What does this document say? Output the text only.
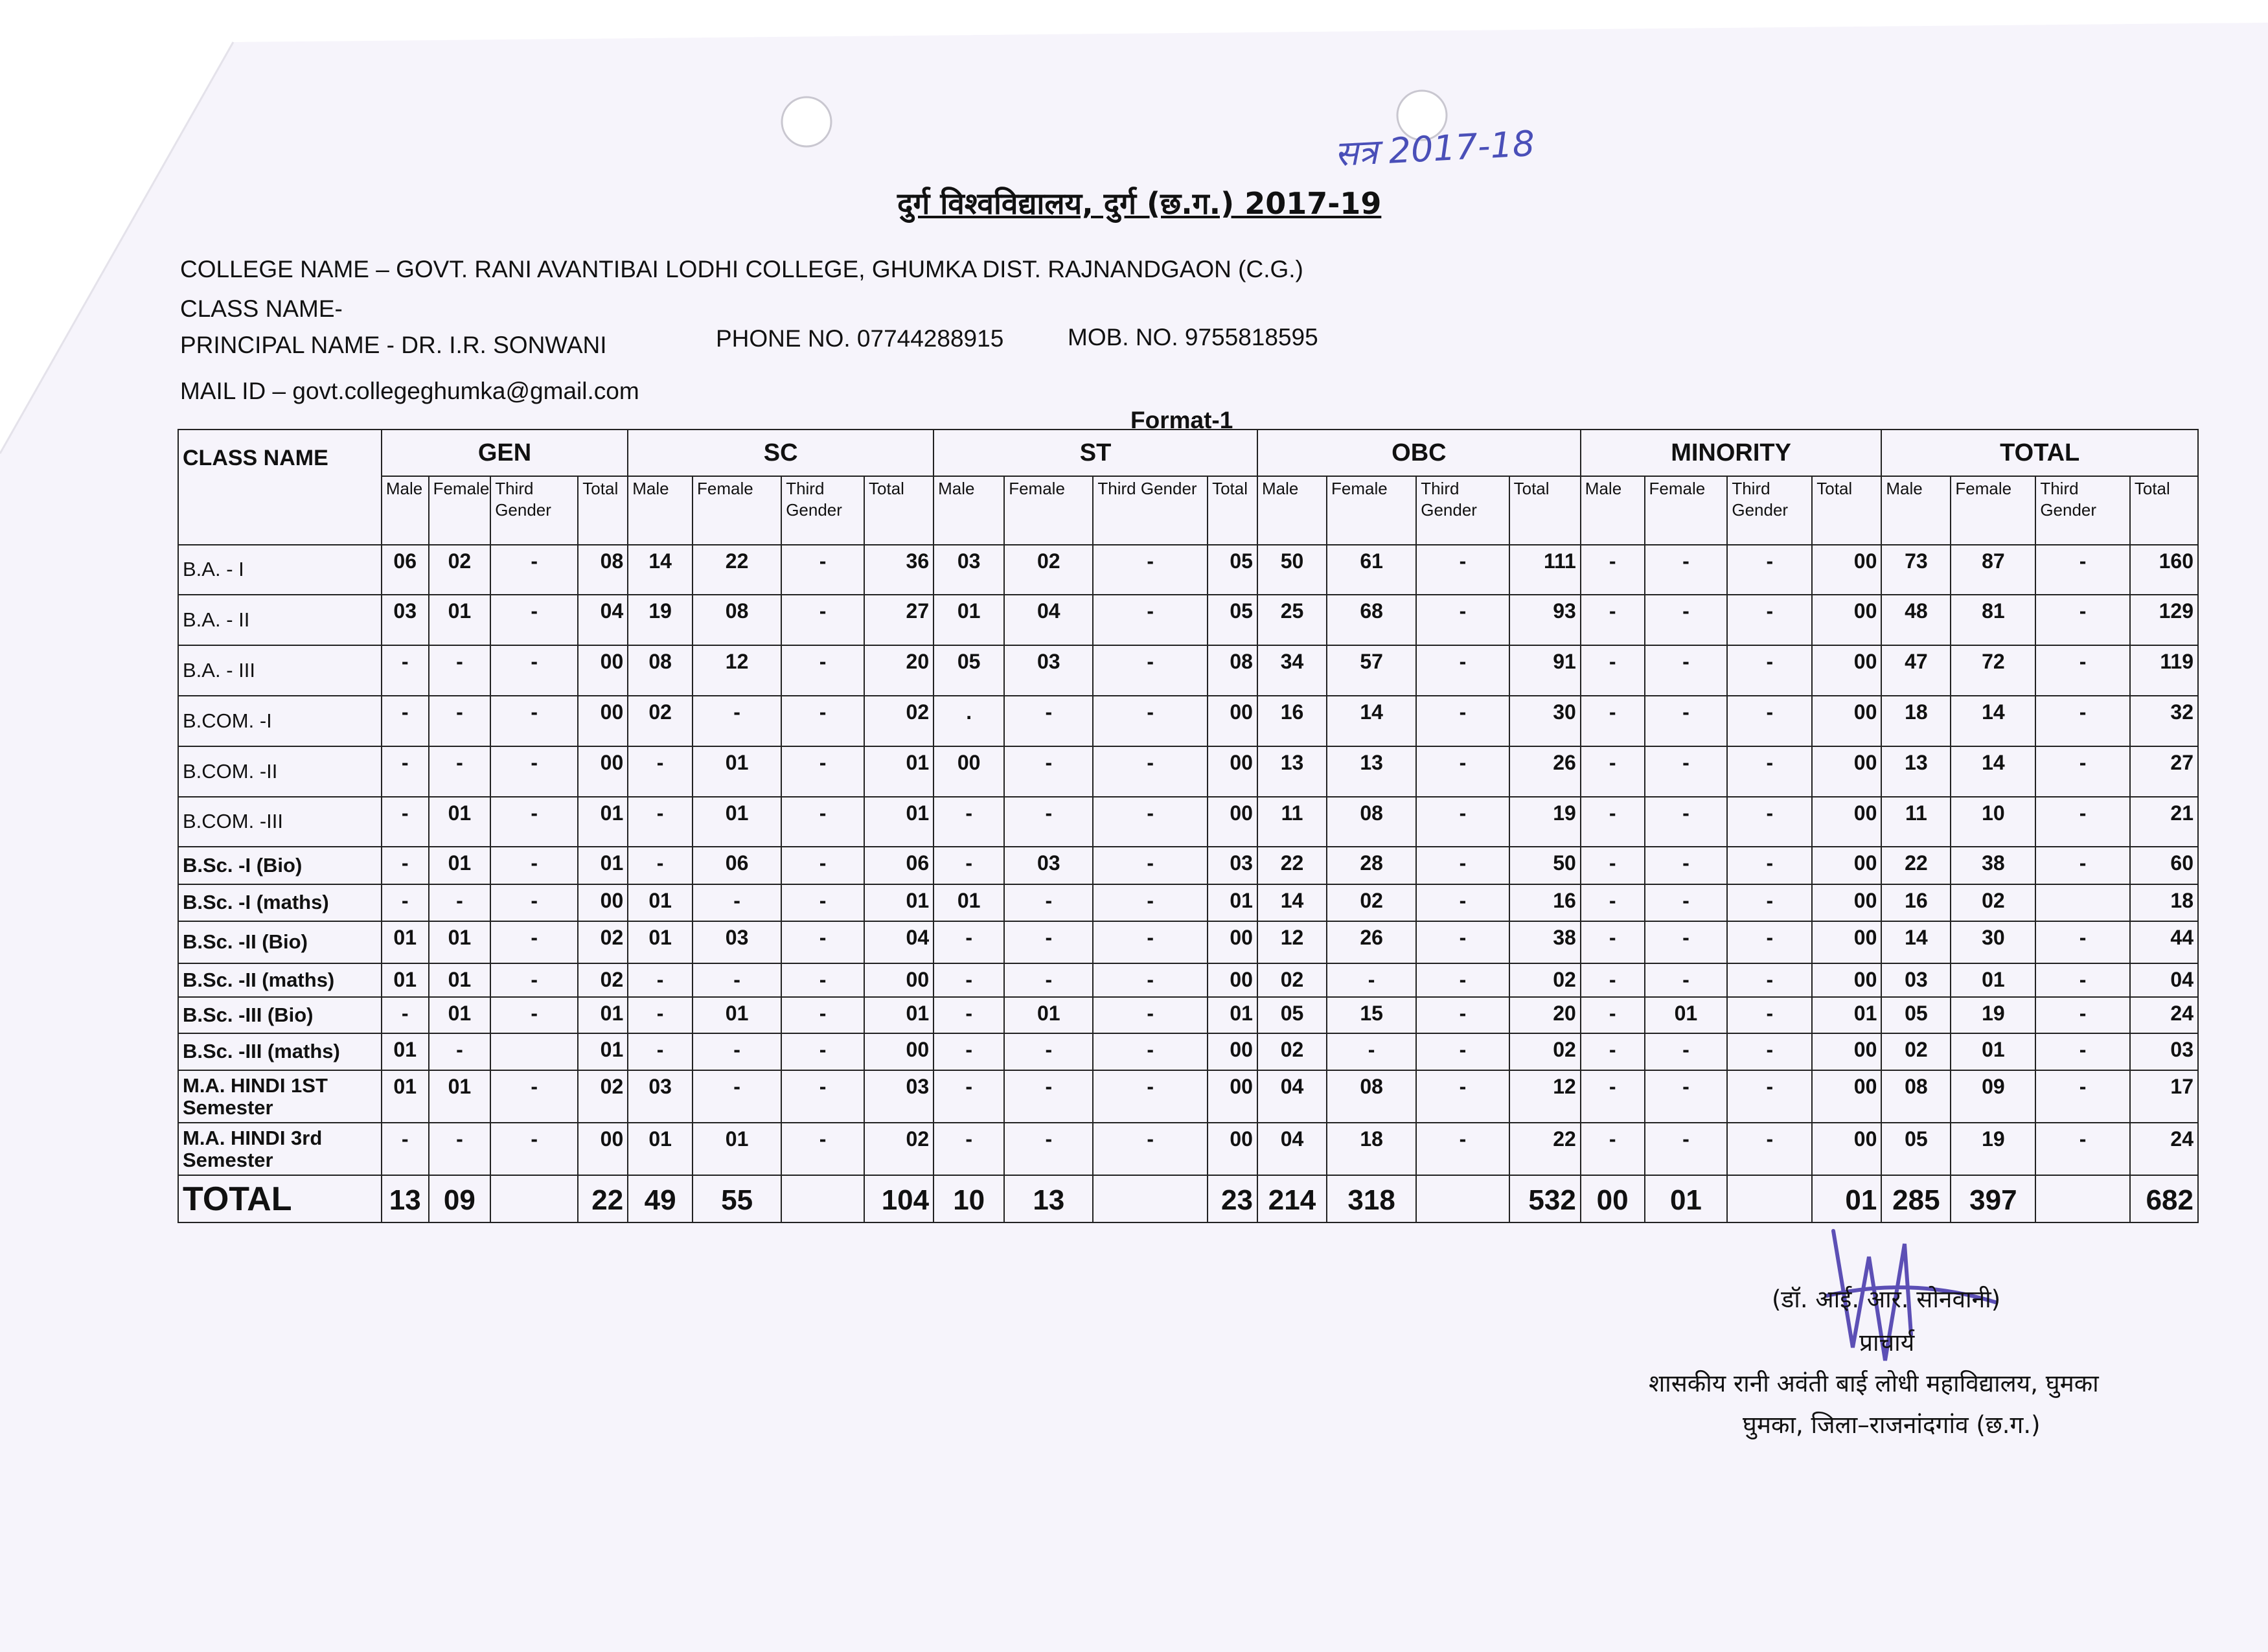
सत्र 2017-18
दुर्ग विश्वविद्यालय, दुर्ग (छ.ग.) 2017-19
COLLEGE NAME – GOVT. RANI AVANTIBAI LODHI COLLEGE, GHUMKA DIST. RAJNANDGAON (C.G.)
CLASS NAME-
PRINCIPAL NAME - DR. I.R. SONWANI	PHONE NO. 07744288915	MOB. NO. 9755818595
MAIL ID – govt.collegeghumka@gmail.com
Format-1
CLASS NAME	GEN				SC				ST				OBC				MINORITY				TOTAL			
	Male	Female	Third Gender	Total	Male	Female	Third Gender	Total	Male	Female	Third Gender	Total	Male	Female	Third Gender	Total	Male	Female	Third Gender	Total	Male	Female	Third Gender	Total
B.A. - I	06	02	-	08	14	22	-	36	03	02	-	05	50	61	-	111	-	-	-	00	73	87	-	160
B.A. - II	03	01	-	04	19	08	-	27	01	04	-	05	25	68	-	93	-	-	-	00	48	81	-	129
B.A. - III	-	-	-	00	08	12	-	20	05	03	-	08	34	57	-	91	-	-	-	00	47	72	-	119
B.COM. -I	-	-	-	00	02	-	-	02	.	-	-	00	16	14	-	30	-	-	-	00	18	14	-	32
B.COM. -II	-	-	-	00	-	01	-	01	00	-	-	00	13	13	-	26	-	-	-	00	13	14	-	27
B.COM. -III	-	01	-	01	-	01	-	01	-	-	-	00	11	08	-	19	-	-	-	00	11	10	-	21
B.Sc. -I (Bio)	-	01	-	01	-	06	-	06	-	03	-	03	22	28	-	50	-	-	-	00	22	38	-	60
B.Sc. -I (maths)	-	-	-	00	01	-	-	01	01	-	-	01	14	02	-	16	-	-	-	00	16	02		18
B.Sc. -II (Bio)	01	01	-	02	01	03	-	04	-	-	-	00	12	26	-	38	-	-	-	00	14	30	-	44
B.Sc. -II (maths)	01	01	-	02	-	-	-	00	-	-	-	00	02	-	-	02	-	-	-	00	03	01	-	04
B.Sc. -III (Bio)	-	01	-	01	-	01	-	01	-	01	-	01	05	15	-	20	-	01	-	01	05	19	-	24
B.Sc. -III (maths)	01	-		01	-	-	-	00	-	-	-	00	02	-	-	02	-	-	-	00	02	01	-	03
M.A. HINDI 1ST Semester	01	01	-	02	03	-	-	03	-	-	-	00	04	08	-	12	-	-	-	00	08	09	-	17
M.A. HINDI 3rd Semester	-	-	-	00	01	01	-	02	-	-	-	00	04	18	-	22	-	-	-	00	05	19	-	24
TOTAL	13	09		22	49	55		104	10	13		23	214	318		532	00	01		01	285	397		682
(डॉ. आई. आर. सोनवानी)
प्राचार्य
शासकीय रानी अवंती बाई लोधी महाविद्यालय, घुमका
घुमका, जिला–राजनांदगांव (छ.ग.)
